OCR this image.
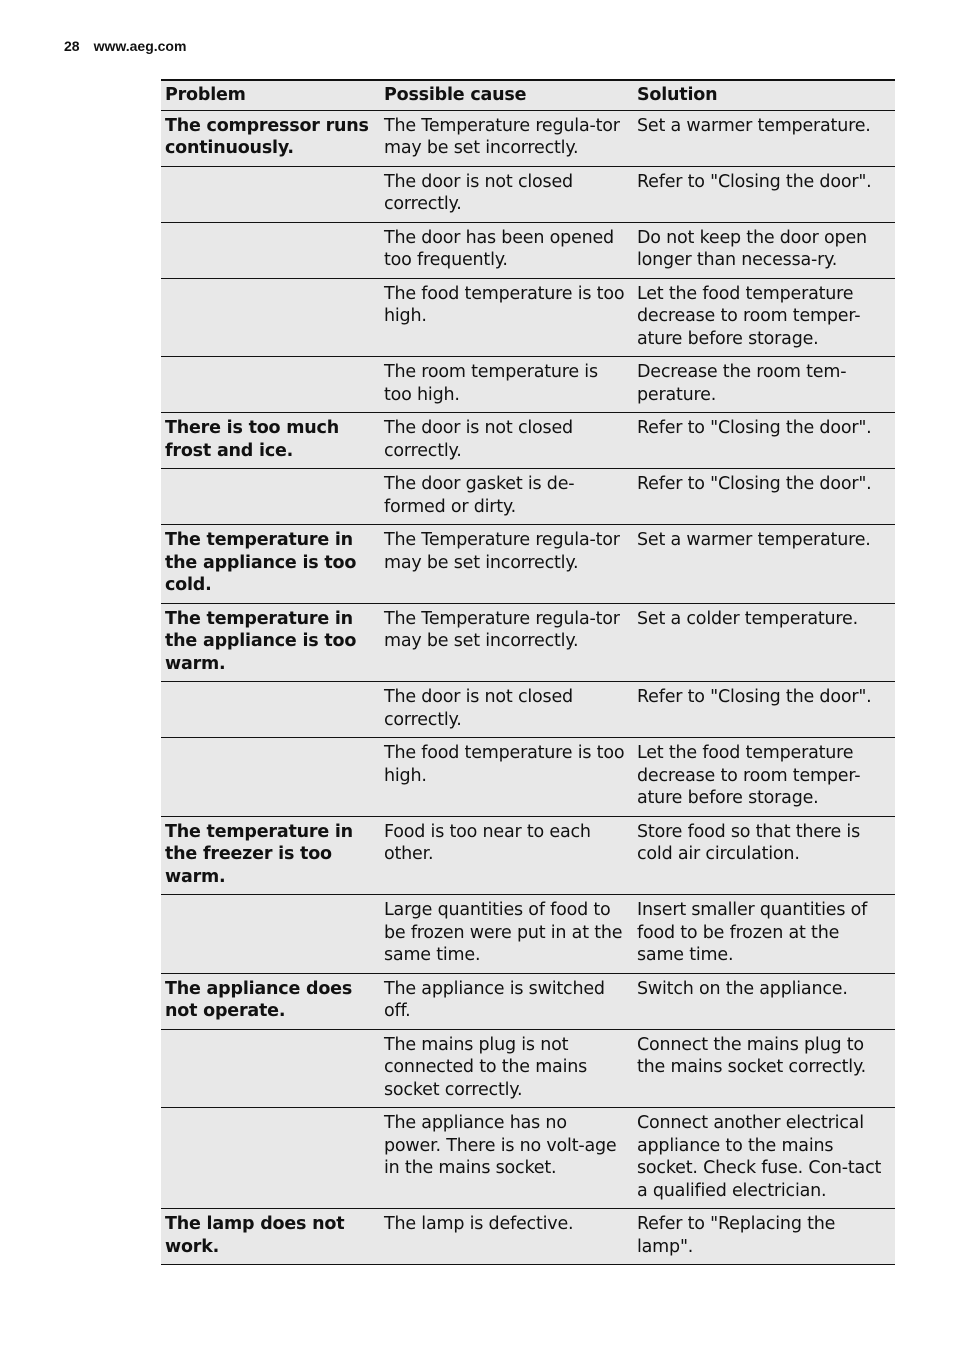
28 www.aeg.com
Problem	Possible cause	Solution
The compressor runs continuously.	The Temperature regula-tor may be set incorrectly.	Set a warmer temperature.
	The door is not closed correctly.	Refer to "Closing the door".
	The door has been opened too frequently.	Do not keep the door open longer than necessa-ry.
	The food temperature is too high.	Let the food temperature decrease to room temper-ature before storage.
	The room temperature is too high.	Decrease the room tem-perature.
There is too much frost and ice.	The door is not closed correctly.	Refer to "Closing the door".
	The door gasket is de-formed or dirty.	Refer to "Closing the door".
The temperature in the appliance is too cold.	The Temperature regula-tor may be set incorrectly.	Set a warmer temperature.
The temperature in the appliance is too warm.	The Temperature regula-tor may be set incorrectly.	Set a colder temperature.
	The door is not closed correctly.	Refer to "Closing the door".
	The food temperature is too high.	Let the food temperature decrease to room temper-ature before storage.
The temperature in the freezer is too warm.	Food is too near to each other.	Store food so that there is cold air circulation.
	Large quantities of food to be frozen were put in at the same time.	Insert smaller quantities of food to be frozen at the same time.
The appliance does not operate.	The appliance is switched off.	Switch on the appliance.
	The mains plug is not connected to the mains socket correctly.	Connect the mains plug to the mains socket correctly.
	The appliance has no power. There is no volt-age in the mains socket.	Connect another electrical appliance to the mains socket. Check fuse. Con-tact a qualified electrician.
The lamp does not work.	The lamp is defective.	Refer to "Replacing the lamp".
